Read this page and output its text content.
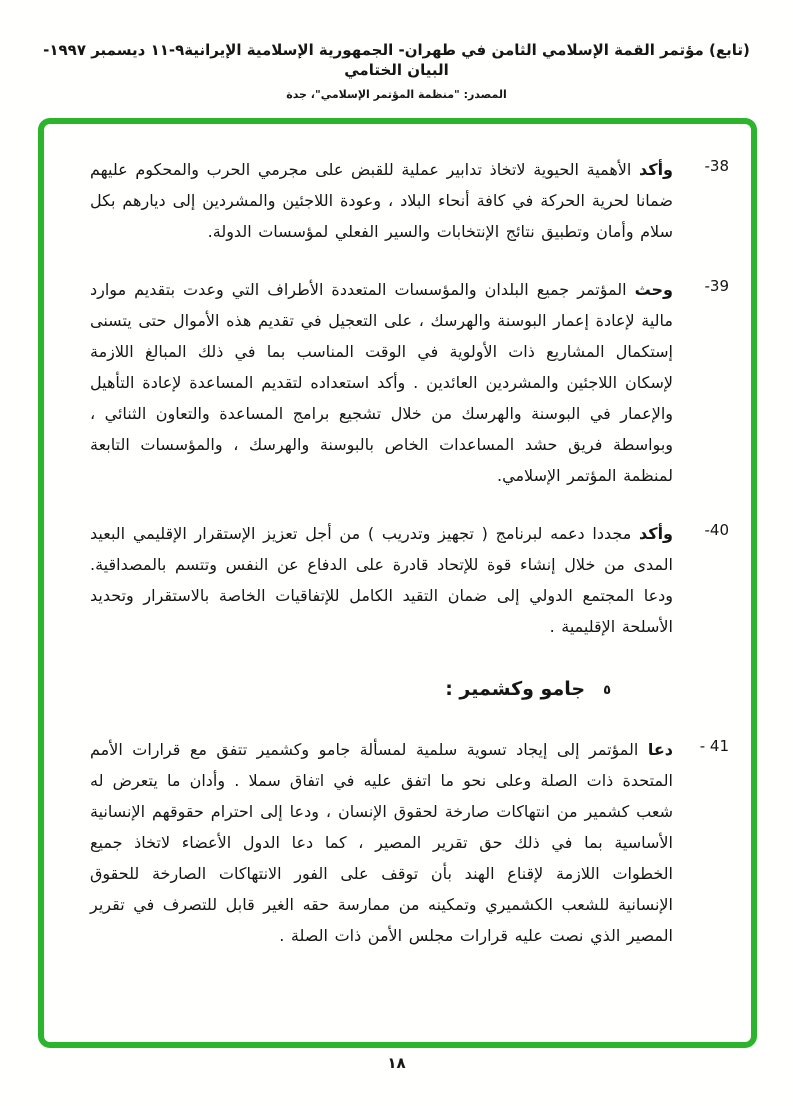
(تابع) مؤتمر القمة الإسلامي الثامن في طهران- الجمهورية الإسلامية الإيرانية٩-١١ ديسمبر ١٩٩٧- البيان الختامي
المصدر: "منظمة المؤتمر الإسلامي"، جدة
-38

وأكد الأهمية الحيوية لاتخاذ تدابير عملية للقبض على مجرمي الحرب والمحكوم عليهم ضمانا لحرية الحركة في كافة أنحاء البلاد ، وعودة اللاجئين والمشردين إلى ديارهم بكل سلام وأمان وتطبيق نتائج الإنتخابات والسير الفعلي لمؤسسات الدولة.

-39

وحث المؤتمر جميع البلدان والمؤسسات المتعددة الأطراف التي وعدت بتقديم موارد مالية لإعادة إعمار البوسنة والهرسك ، على التعجيل في تقديم هذه الأموال حتى يتسنى إستكمال المشاريع ذات الأولوية في الوقت المناسب بما في ذلك المبالغ اللازمة لإسكان اللاجئين والمشردين العائدين . وأكد استعداده لتقديم المساعدة لإعادة التأهيل والإعمار في البوسنة والهرسك من خلال تشجيع برامج المساعدة والتعاون الثنائي ، وبواسطة فريق حشد المساعدات الخاص بالبوسنة والهرسك ، والمؤسسات التابعة لمنظمة المؤتمر الإسلامي.

-40

وأكد مجددا دعمه لبرنامج ( تجهيز وتدريب ) من أجل تعزيز الإستقرار الإقليمي البعيد المدى من خلال إنشاء قوة للإتحاد قادرة على الدفاع عن النفس وتتسم بالمصداقية. ودعا المجتمع الدولي إلى ضمان التقيد الكامل للإتفاقيات الخاصة بالاستقرار وتحديد الأسلحة الإقليمية .

٥
جامو وكشمير :
- 41

دعا المؤتمر إلى إيجاد تسوية سلمية لمسألة جامو وكشمير تتفق مع قرارات الأمم المتحدة ذات الصلة وعلى نحو ما اتفق عليه في اتفاق سملا . وأدان ما يتعرض له شعب كشمير من انتهاكات صارخة لحقوق الإنسان ، ودعا إلى احترام حقوقهم الإنسانية الأساسية بما في ذلك حق تقرير المصير ، كما دعا الدول الأعضاء لاتخاذ جميع الخطوات اللازمة لإقناع الهند بأن توقف على الفور الانتهاكات الصارخة للحقوق الإنسانية للشعب الكشميري وتمكينه من ممارسة حقه الغير قابل للتصرف في تقرير المصير الذي نصت عليه قرارات مجلس الأمن ذات الصلة .

١٨
